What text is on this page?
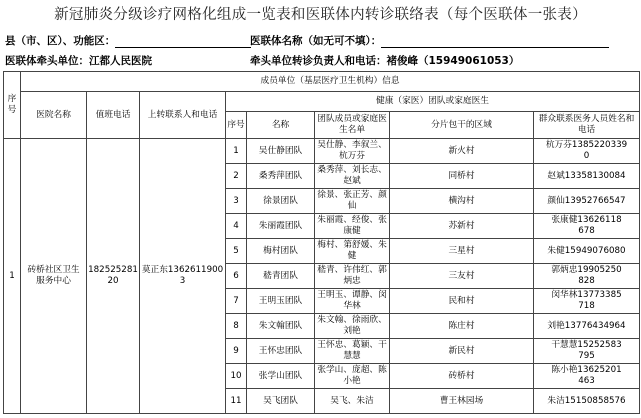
新冠肺炎分级诊疗网格化组成一览表和医联体内转诊联络表（每个医联体一张表）
县（市、区）、功能区：	医联体名称（如无可不填）：
医联体牵头单位：江都人民医院	牵头单位转诊负责人和电话：褚俊峰（15949061053）
序号	成员单位（基层医疗卫生机构）信息							
	医院名称	值班电话	上转联系人和电话	健康（家医）团队或家庭医生				
				序号	名称	团队成员或家庭医生名单	分片包干的区域	群众联系医务人员姓名和电话
1	砖桥社区卫生服务中心	18252528120	莫正东13626119003	1	吴仕静团队	吴仕静、李叙兰、杭万芬	新火村	杭万芬13852203390
				2	桑秀萍团队	桑秀萍、刘长志、赵斌	同桥村	赵斌13358130084
				3	徐景团队	徐景、张正芳、颜仙	横沟村	颜仙13952766547
				4	朱丽霞团队	朱丽霞、经俊、张康健	苏新村	张康健13626118678
				5	梅村团队	梅村、第舒媛、朱健	三星村	朱健15949076080
				6	嵇青团队	嵇青、许伟红、郭炳忠	三友村	郭炳忠19905250828
				7	王明玉团队	王明玉、谭静、闵华林	民和村	闵华林13773385718
				8	朱文翰团队	朱文翰、徐雨欣、刘艳	陈庄村	刘艳13776434964
				9	王怀忠团队	王怀忠、葛颖、干慧慧	新民村	干慧慧15252583795
				10	张学山团队	张学山、庞超、陈小艳	砖桥村	陈小艳13625201463
				11	吴飞团队	吴飞、朱洁	曹王林园场	朱洁15150858576
